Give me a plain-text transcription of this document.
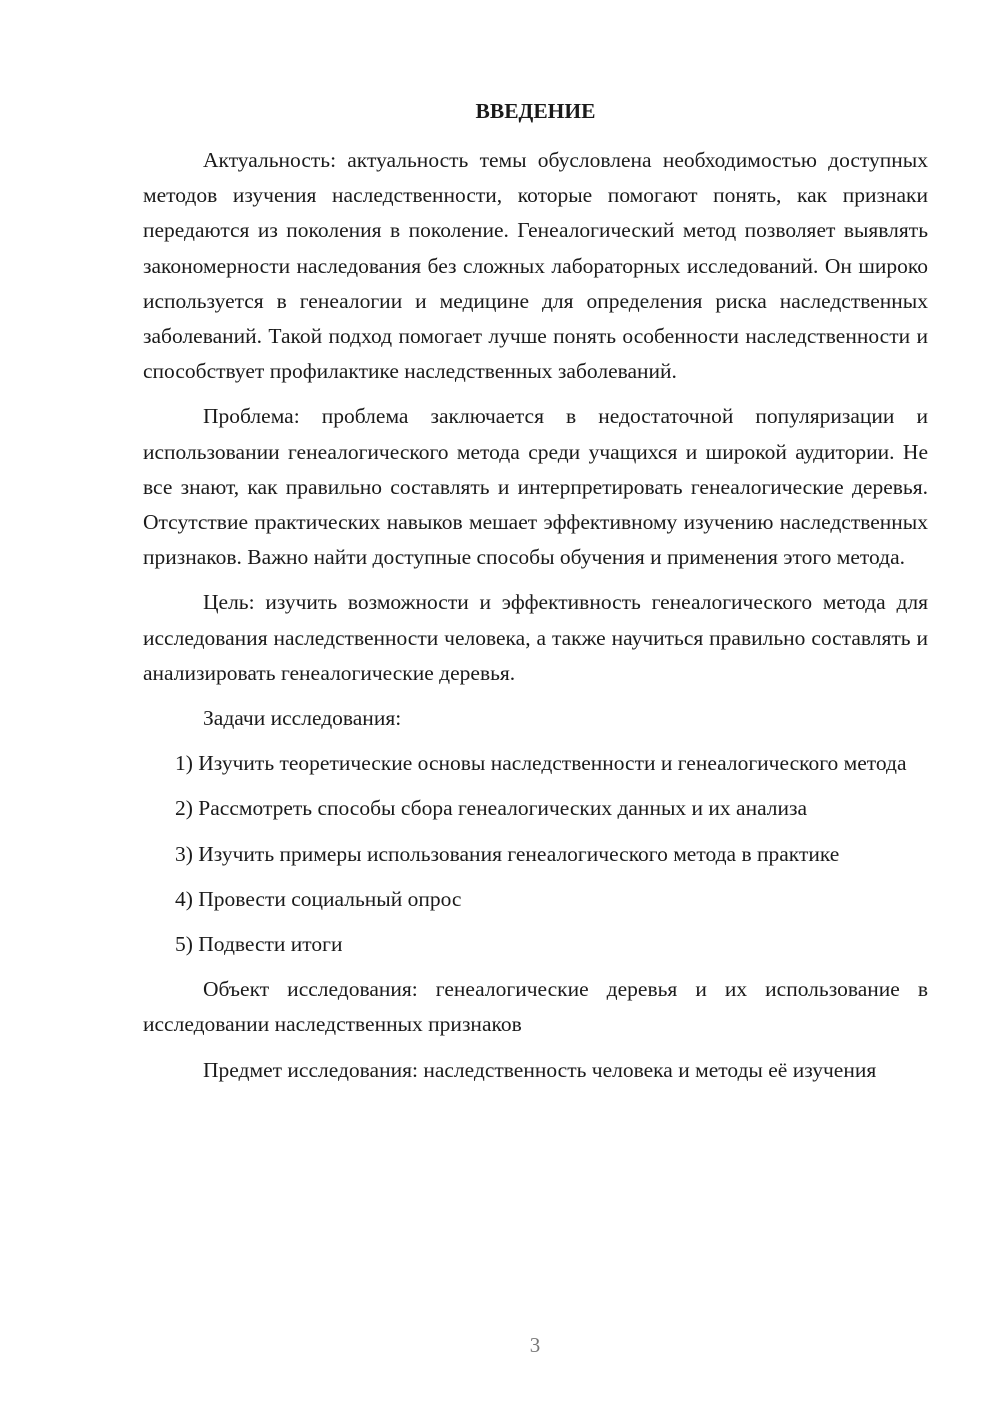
ВВЕДЕНИЕ

Актуальность: актуальность темы обусловлена необходимостью доступных методов изучения наследственности, которые помогают понять, как признаки передаются из поколения в поколение. Генеалогический метод позволяет выявлять закономерности наследования без сложных лабораторных исследований. Он широко используется в генеалогии и медицине для определения риска наследственных заболеваний. Такой подход помогает лучше понять особенности наследственности и способствует профилактике наследственных заболеваний.

Проблема: проблема заключается в недостаточной популяризации и использовании генеалогического метода среди учащихся и широкой аудитории. Не все знают, как правильно составлять и интерпретировать генеалогические деревья. Отсутствие практических навыков мешает эффективному изучению наследственных признаков. Важно найти доступные способы обучения и применения этого метода.

Цель: изучить возможности и эффективность генеалогического метода для исследования наследственности человека, а также научиться правильно составлять и анализировать генеалогические деревья.

Задачи исследования:

1) Изучить теоретические основы наследственности и генеалогического метода

2) Рассмотреть способы сбора генеалогических данных и их анализа

3) Изучить примеры использования генеалогического метода в практике

4) Провести социальный опрос

5) Подвести итоги

Объект исследования: генеалогические деревья и их использование в исследовании наследственных признаков

Предмет исследования: наследственность человека и методы её изучения

3
